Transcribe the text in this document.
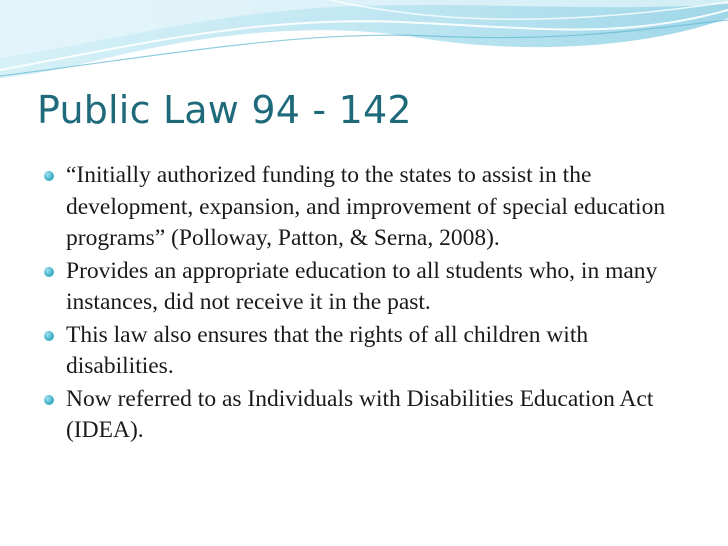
Public Law 94 - 142
“Initially authorized funding to the states to assist in the development, expansion, and improvement of special education programs” (Polloway, Patton, & Serna, 2008).
Provides an appropriate education to all students who, in many instances, did not receive it in the past.
This law also ensures that the rights of all children with disabilities.
Now referred to as Individuals with Disabilities Education Act (IDEA).
